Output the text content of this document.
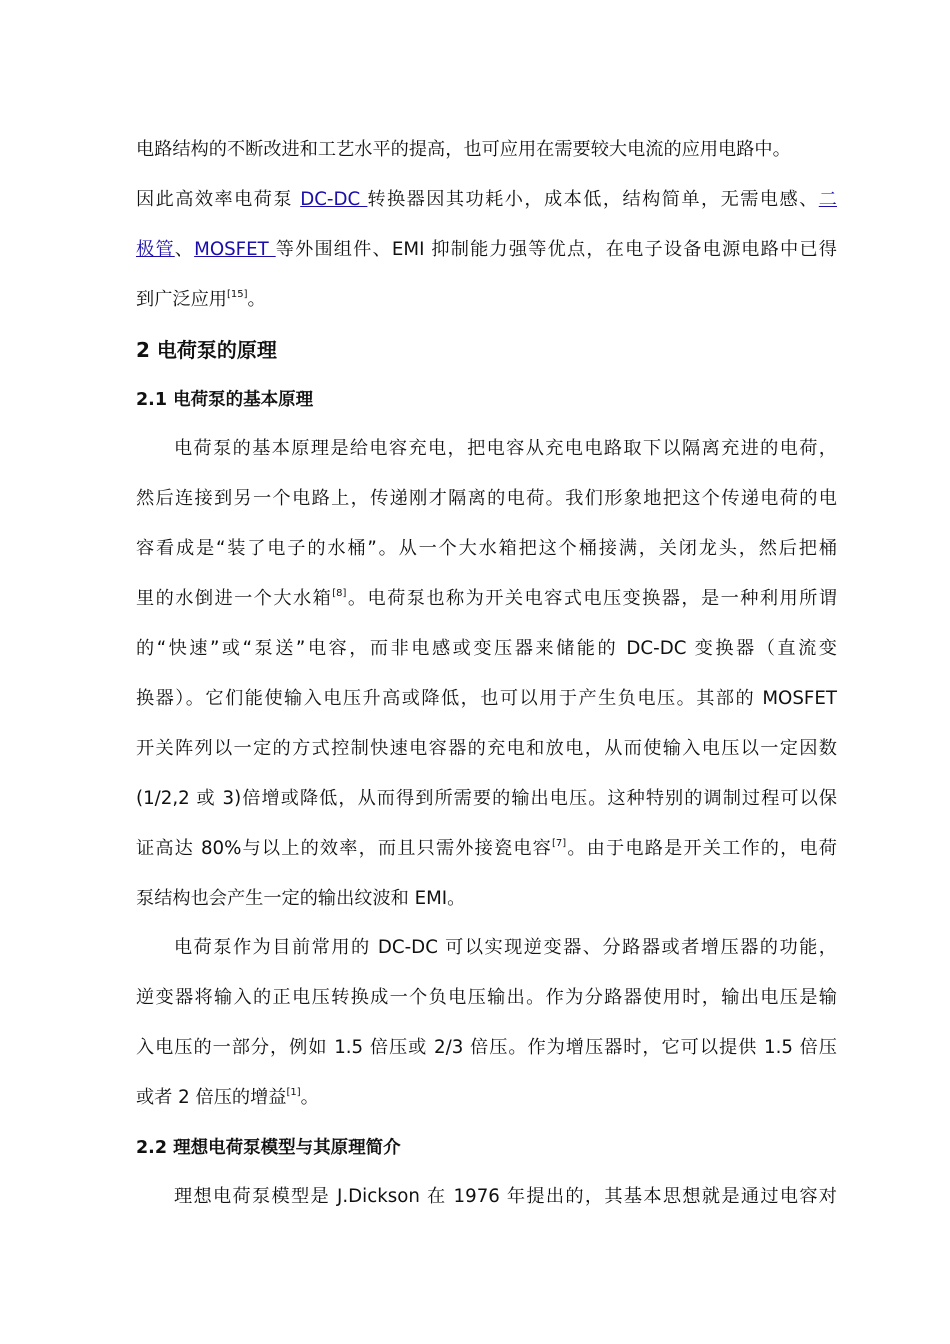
电路结构的不断改进和工艺水平的提高，也可应用在需要较大电流的应用电路中。
因此高效率电荷泵 DC-DC 转换器因其功耗小，成本低，结构简单，无需电感、二
极管、MOSFET 等外围组件、EMI 抑制能力强等优点，在电子设备电源电路中已得
到广泛应用[15]。
2 电荷泵的原理
2.1 电荷泵的基本原理
电荷泵的基本原理是给电容充电，把电容从充电电路取下以隔离充进的电荷，
然后连接到另一个电路上，传递刚才隔离的电荷。我们形象地把这个传递电荷的电
容看成是“装了电子的水桶”。从一个大水箱把这个桶接满，关闭龙头，然后把桶
里的水倒进一个大水箱[8]。电荷泵也称为开关电容式电压变换器，是一种利用所谓
的“快速”或“泵送”电容，而非电感或变压器来储能的 DC-DC 变换器（直流变
换器）。它们能使输入电压升高或降低，也可以用于产生负电压。其部的 MOSFET
开关阵列以一定的方式控制快速电容器的充电和放电，从而使输入电压以一定因数
(1/2,2 或 3)倍增或降低，从而得到所需要的输出电压。这种特别的调制过程可以保
证高达 80%与以上的效率，而且只需外接瓷电容[7]。由于电路是开关工作的，电荷
泵结构也会产生一定的输出纹波和 EMI。
电荷泵作为目前常用的 DC-DC 可以实现逆变器、分路器或者增压器的功能，
逆变器将输入的正电压转换成一个负电压输出。作为分路器使用时，输出电压是输
入电压的一部分，例如 1.5 倍压或 2/3 倍压。作为增压器时，它可以提供 1.5 倍压
或者 2 倍压的增益[1]。
2.2 理想电荷泵模型与其原理简介
理想电荷泵模型是 J.Dickson 在 1976 年提出的，其基本思想就是通过电容对
